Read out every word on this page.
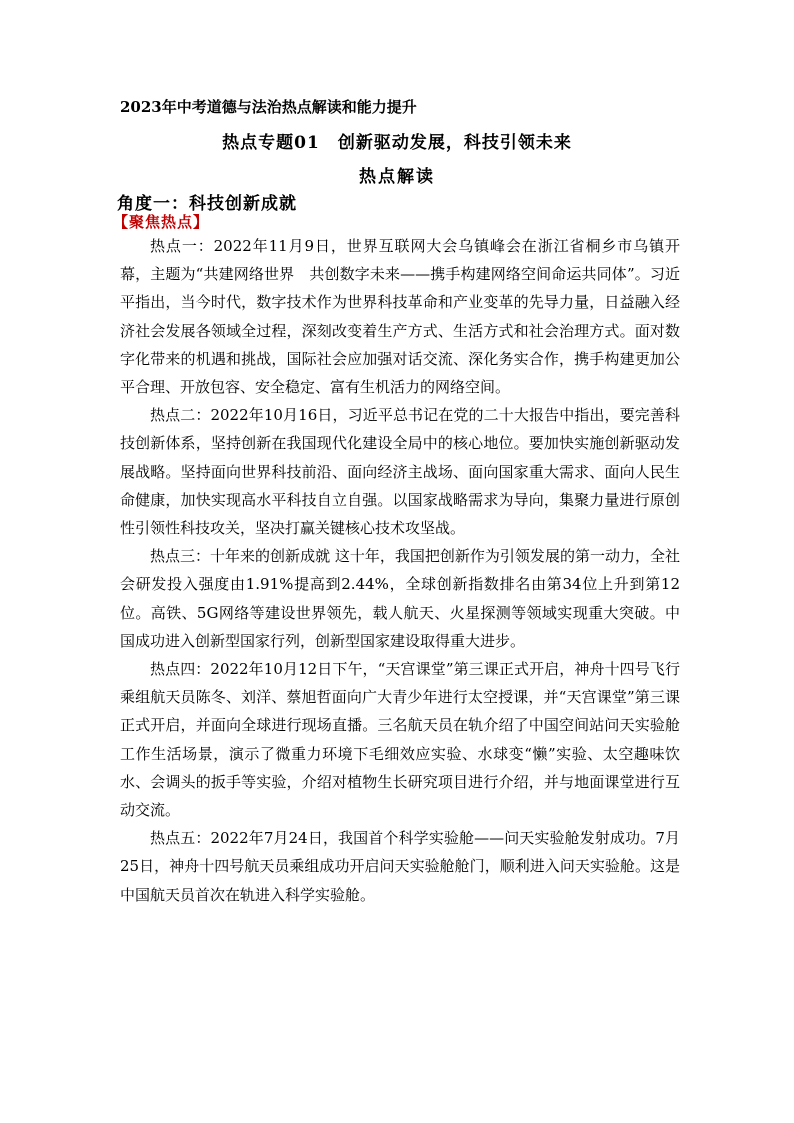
2023年中考道德与法治热点解读和能力提升
热点专题01 创新驱动发展，科技引领未来
热点解读
角度一：科技创新成就
【聚焦热点】

热点一：2022年11月9日，世界互联网大会乌镇峰会在浙江省桐乡市乌镇开幕，主题为“共建网络世界　共创数字未来——携手构建网络空间命运共同体”。习近平指出，当今时代，数字技术作为世界科技革命和产业变革的先导力量，日益融入经济社会发展各领域全过程，深刻改变着生产方式、生活方式和社会治理方式。面对数字化带来的机遇和挑战，国际社会应加强对话交流、深化务实合作，携手构建更加公平合理、开放包容、安全稳定、富有生机活力的网络空间。

热点二：2022年10月16日，习近平总书记在党的二十大报告中指出，要完善科技创新体系，坚持创新在我国现代化建设全局中的核心地位。要加快实施创新驱动发展战略。坚持面向世界科技前沿、面向经济主战场、面向国家重大需求、面向人民生命健康，加快实现高水平科技自立自强。以国家战略需求为导向，集聚力量进行原创性引领性科技攻关，坚决打赢关键核心技术攻坚战。

热点三：十年来的创新成就 这十年，我国把创新作为引领发展的第一动力，全社会研发投入强度由1.91%提高到2.44%，全球创新指数排名由第34位上升到第12位。高铁、5G网络等建设世界领先，载人航天、火星探测等领域实现重大突破。中国成功进入创新型国家行列，创新型国家建设取得重大进步。

热点四：2022年10月12日下午，“天宫课堂”第三课正式开启，神舟十四号飞行乘组航天员陈冬、刘洋、蔡旭哲面向广大青少年进行太空授课，并“天宫课堂”第三课正式开启，并面向全球进行现场直播。三名航天员在轨介绍了中国空间站问天实验舱工作生活场景，演示了微重力环境下毛细效应实验、水球变“懒”实验、太空趣味饮水、会调头的扳手等实验，介绍对植物生长研究项目进行介绍，并与地面课堂进行互动交流。

热点五：2022年7月24日，我国首个科学实验舱——问天实验舱发射成功。7月25日，神舟十四号航天员乘组成功开启问天实验舱舱门，顺利进入问天实验舱。这是中国航天员首次在轨进入科学实验舱。
